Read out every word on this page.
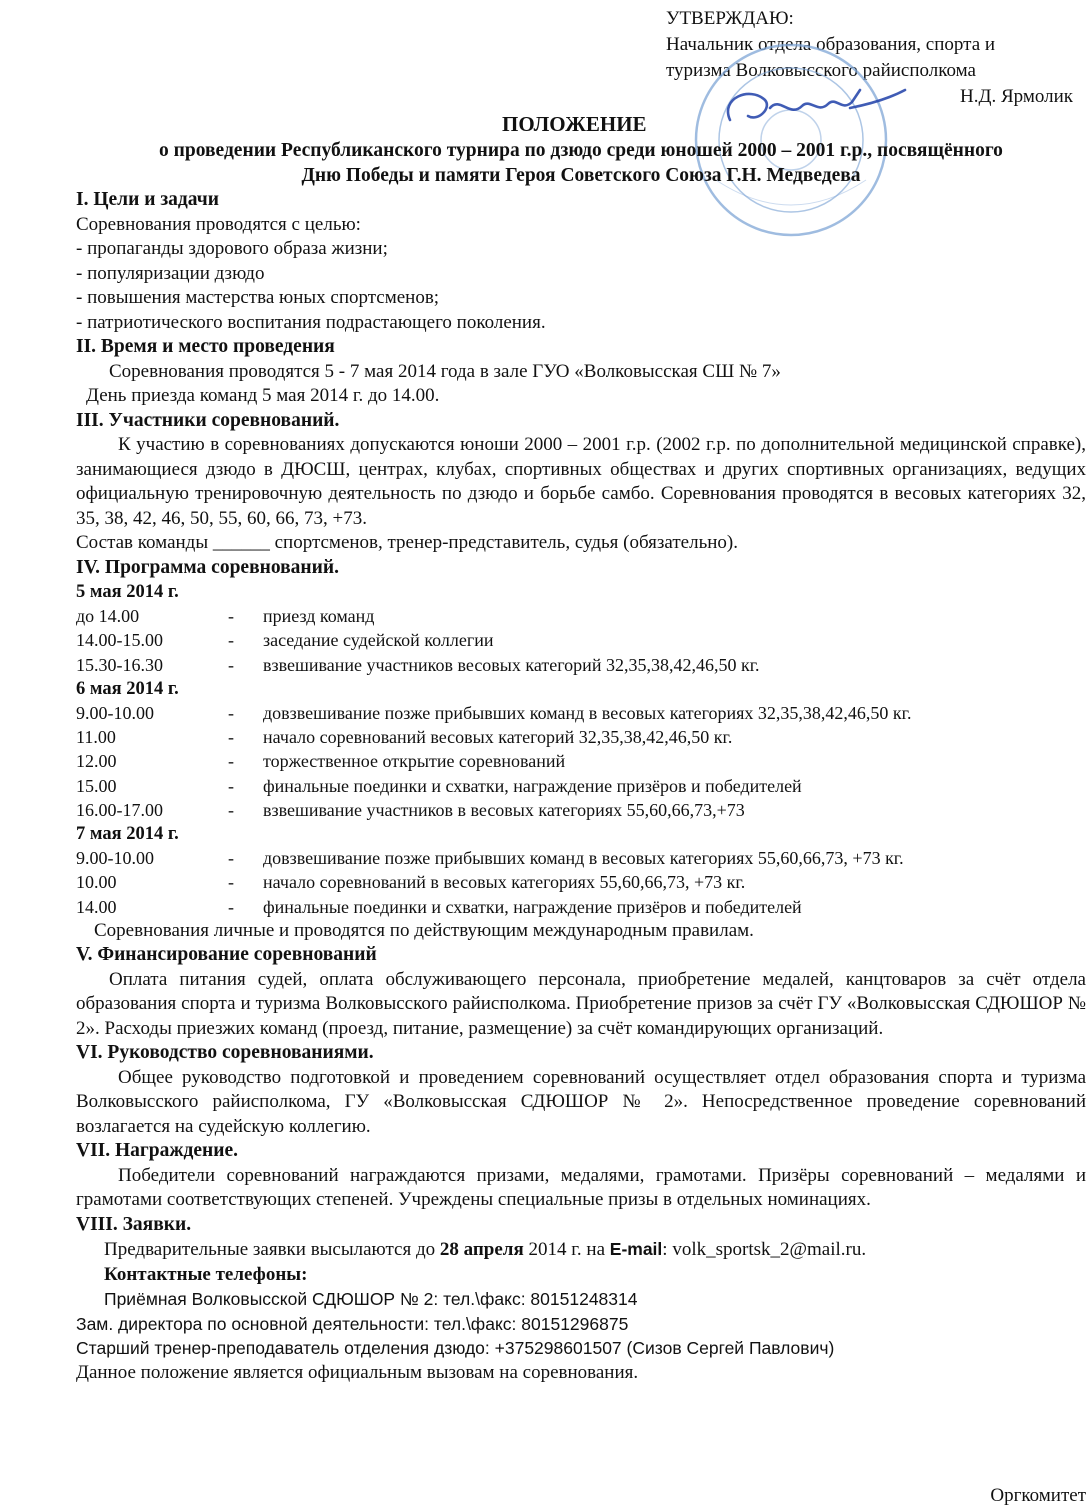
УТВЕРЖДАЮ:
Начальник отдела образования, спорта и
туризма Волковысского райисполкома
Н.Д. Ярмолик
ПОЛОЖЕНИЕ
о проведении Республиканского турнира по дзюдо среди юношей 2000 – 2001 г.р., посвящённого
Дню Победы и памяти Героя Советского Союза Г.Н. Медведева
I. Цели и задачи

Соревнования проводятся с целью:

- пропаганды здорового образа жизни;

- популяризации дзюдо

- повышения мастерства юных спортсменов;

- патриотического воспитания подрастающего поколения.

II. Время и место проведения

Соревнования проводятся 5 - 7 мая 2014 года в зале ГУО «Волковысская СШ № 7»

День приезда команд 5 мая 2014 г. до 14.00.

III. Участники соревнований.

К участию в соревнованиях допускаются юноши 2000 – 2001 г.р. (2002 г.р. по дополнительной медицинской справке), занимающиеся дзюдо в ДЮСШ, центрах, клубах, спортивных обществах и других спортивных организациях, ведущих официальную тренировочную деятельность по дзюдо и борьбе самбо. Соревнования проводятся в весовых категориях 32, 35, 38, 42, 46, 50, 55, 60, 66, 73, +73.

Состав команды ______ спортсменов, тренер-представитель, судья (обязательно).

IV. Программа соревнований.
5 мая 2014 г.
до 14.00	-	приезд команд
14.00-15.00	-	заседание судейской коллегии
15.30-16.30	-	взвешивание участников весовых категорий 32,35,38,42,46,50 кг.
6 мая 2014 г.
9.00-10.00	-	довзвешивание позже прибывших команд в весовых категориях 32,35,38,42,46,50 кг.
11.00	-	начало соревнований весовых категорий 32,35,38,42,46,50 кг.
12.00	-	торжественное открытие соревнований
15.00	-	финальные поединки и схватки, награждение призёров и победителей
16.00-17.00	-	взвешивание участников в весовых категориях 55,60,66,73,+73
7 мая 2014 г.
9.00-10.00	-	довзвешивание позже прибывших команд в весовых категориях 55,60,66,73, +73 кг.
10.00	-	начало соревнований в весовых категориях 55,60,66,73, +73 кг.
14.00	-	финальные поединки и схватки, награждение призёров и победителей

Соревнования личные и проводятся по действующим международным правилам.

V. Финансирование соревнований

Оплата питания судей, оплата обслуживающего персонала, приобретение медалей, канцтоваров за счёт отдела образования спорта и туризма Волковысского райисполкома. Приобретение призов за счёт ГУ «Волковысская СДЮШОР № 2». Расходы приезжих команд (проезд, питание, размещение) за счёт командирующих организаций.

VI. Руководство соревнованиями.

Общее руководство подготовкой и проведением соревнований осуществляет отдел образования спорта и туризма Волковысского райисполкома, ГУ «Волковысская СДЮШОР № 2». Непосредственное проведение соревнований возлагается на судейскую коллегию.

VII. Награждение.

Победители соревнований награждаются призами, медалями, грамотами. Призёры соревнований – медалями и грамотами соответствующих степеней. Учреждены специальные призы в отдельных номинациях.

VIII. Заявки.

Предварительные заявки высылаются до 28 апреля 2014 г. на E-mail: volk_sportsk_2@mail.ru.

Контактные телефоны:

Приёмная Волковысской СДЮШОР № 2: тел.\факс: 80151248314

Зам. директора по основной деятельности: тел.\факс: 80151296875

Старший тренер-преподаватель отделения дзюдо: +375298601507 (Сизов Сергей Павлович)

Данное положение является официальным вызовам на соревнования.

Оргкомитет
